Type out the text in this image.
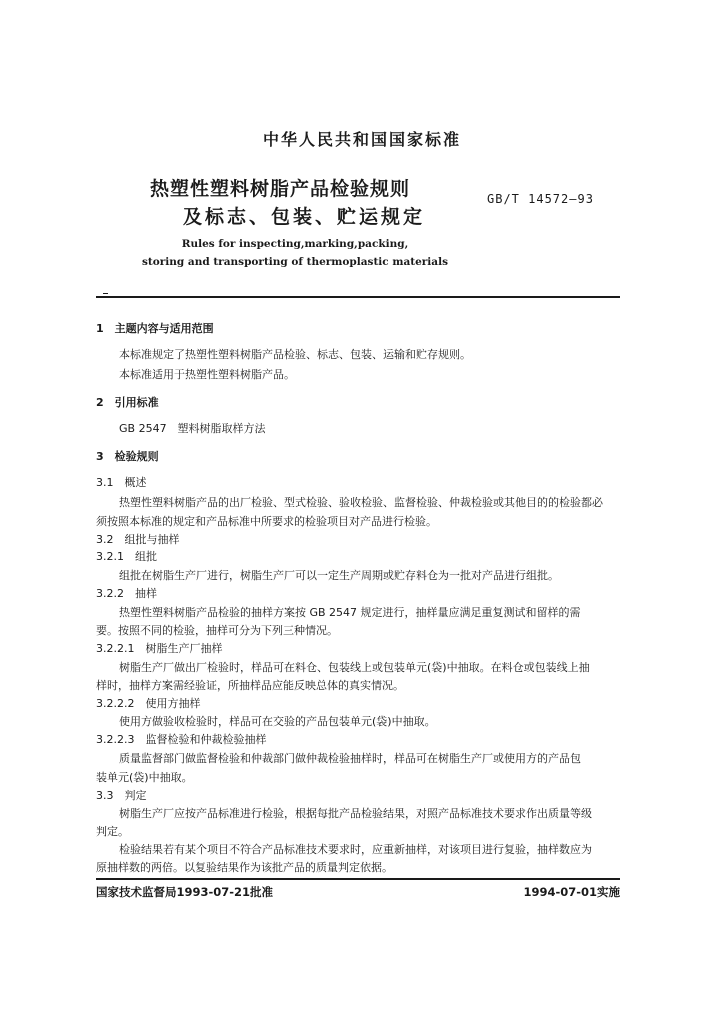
中华人民共和国国家标准
热塑性塑料树脂产品检验规则
及标志、包装、贮运规定
GB/T 14572—93
Rules for inspecting,marking,packing,
storing and transporting of thermoplastic materials
1　主题内容与适用范围
本标准规定了热塑性塑料树脂产品检验、标志、包装、运输和贮存规则。
本标准适用于热塑性塑料树脂产品。
2　引用标准
GB 2547　塑料树脂取样方法
3　检验规则
3.1　概述
热塑性塑料树脂产品的出厂检验、型式检验、验收检验、监督检验、仲裁检验或其他目的的检验都必
须按照本标准的规定和产品标准中所要求的检验项目对产品进行检验。
3.2　组批与抽样
3.2.1　组批
组批在树脂生产厂进行，树脂生产厂可以一定生产周期或贮存料仓为一批对产品进行组批。
3.2.2　抽样
热塑性塑料树脂产品检验的抽样方案按 GB 2547 规定进行，抽样量应满足重复测试和留样的需
要。按照不同的检验，抽样可分为下列三种情况。
3.2.2.1　树脂生产厂抽样
树脂生产厂做出厂检验时，样品可在料仓、包装线上或包装单元(袋)中抽取。在料仓或包装线上抽
样时，抽样方案需经验证，所抽样品应能反映总体的真实情况。
3.2.2.2　使用方抽样
使用方做验收检验时，样品可在交验的产品包装单元(袋)中抽取。
3.2.2.3　监督检验和仲裁检验抽样
质量监督部门做监督检验和仲裁部门做仲裁检验抽样时，样品可在树脂生产厂或使用方的产品包
装单元(袋)中抽取。
3.3　判定
树脂生产厂应按产品标准进行检验，根据每批产品检验结果，对照产品标准技术要求作出质量等级
判定。
检验结果若有某个项目不符合产品标准技术要求时，应重新抽样，对该项目进行复验，抽样数应为
原抽样数的两倍。以复验结果作为该批产品的质量判定依据。
国家技术监督局1993-07-21批准	1994-07-01实施
